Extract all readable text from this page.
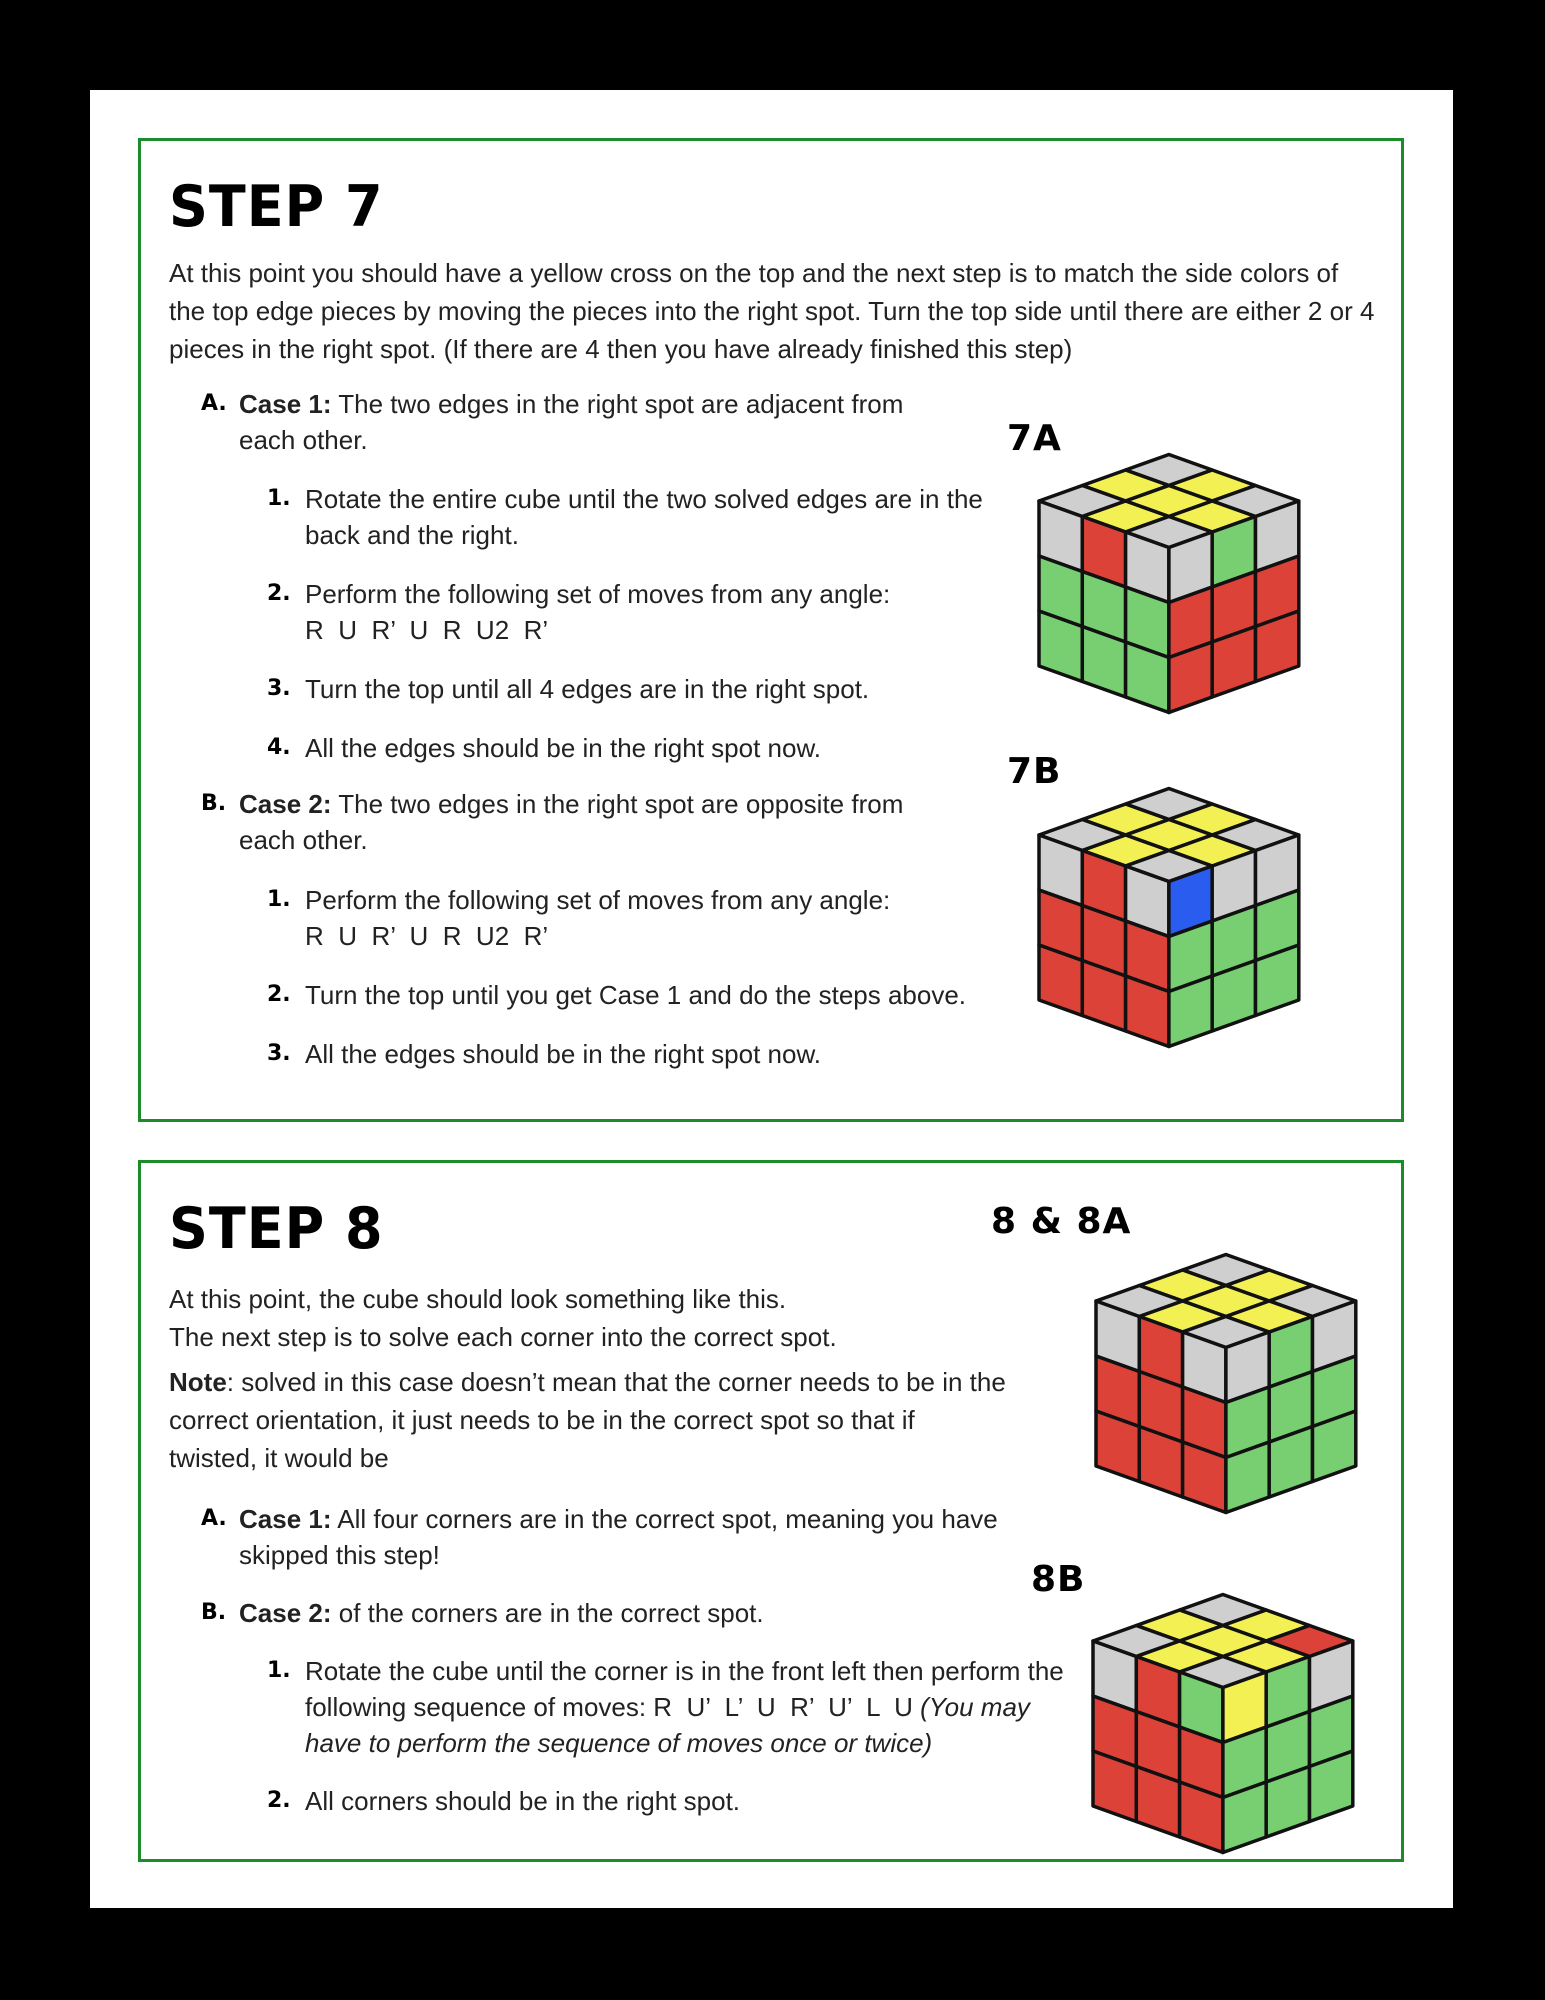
STEP 7

At this point you should have a yellow cross on the top and the next step is to match the side colors of the top edge pieces by moving the pieces into the right spot. Turn the top side until there are either 2 or 4 pieces in the right spot. (If there are 4 then you have already finished this step)

A. Case 1: The two edges in the right spot are adjacent from each other.
1. Rotate the entire cube until the two solved edges are in the back and the right.
2. Perform the following set of moves from any angle:
R  U  R’  U  R  U2  R’
3. Turn the top until all 4 edges are in the right spot.
4. All the edges should be in the right spot now.
B. Case 2: The two edges in the right spot are opposite from each other.
1. Perform the following set of moves from any angle:
R  U  R’  U  R  U2  R’
2. Turn the top until you get Case 1 and do the steps above.
3. All the edges should be in the right spot now.
7A
7B
STEP 8

At this point, the cube should look something like this.
The next step is to solve each corner into the correct spot.

Note: solved in this case doesn’t mean that the corner needs to be in the correct orientation, it just needs to be in the correct spot so that if twisted, it would be

A. Case 1: All four corners are in the correct spot, meaning you have skipped this step!
B. Case 2: of the corners are in the correct spot.
1. Rotate the cube until the corner is in the front left then perform the following sequence of moves: R  U’  L’  U  R’  U’  L  U (You may have to perform the sequence of moves once or twice)
2. All corners should be in the right spot.
8 & 8A
8B
